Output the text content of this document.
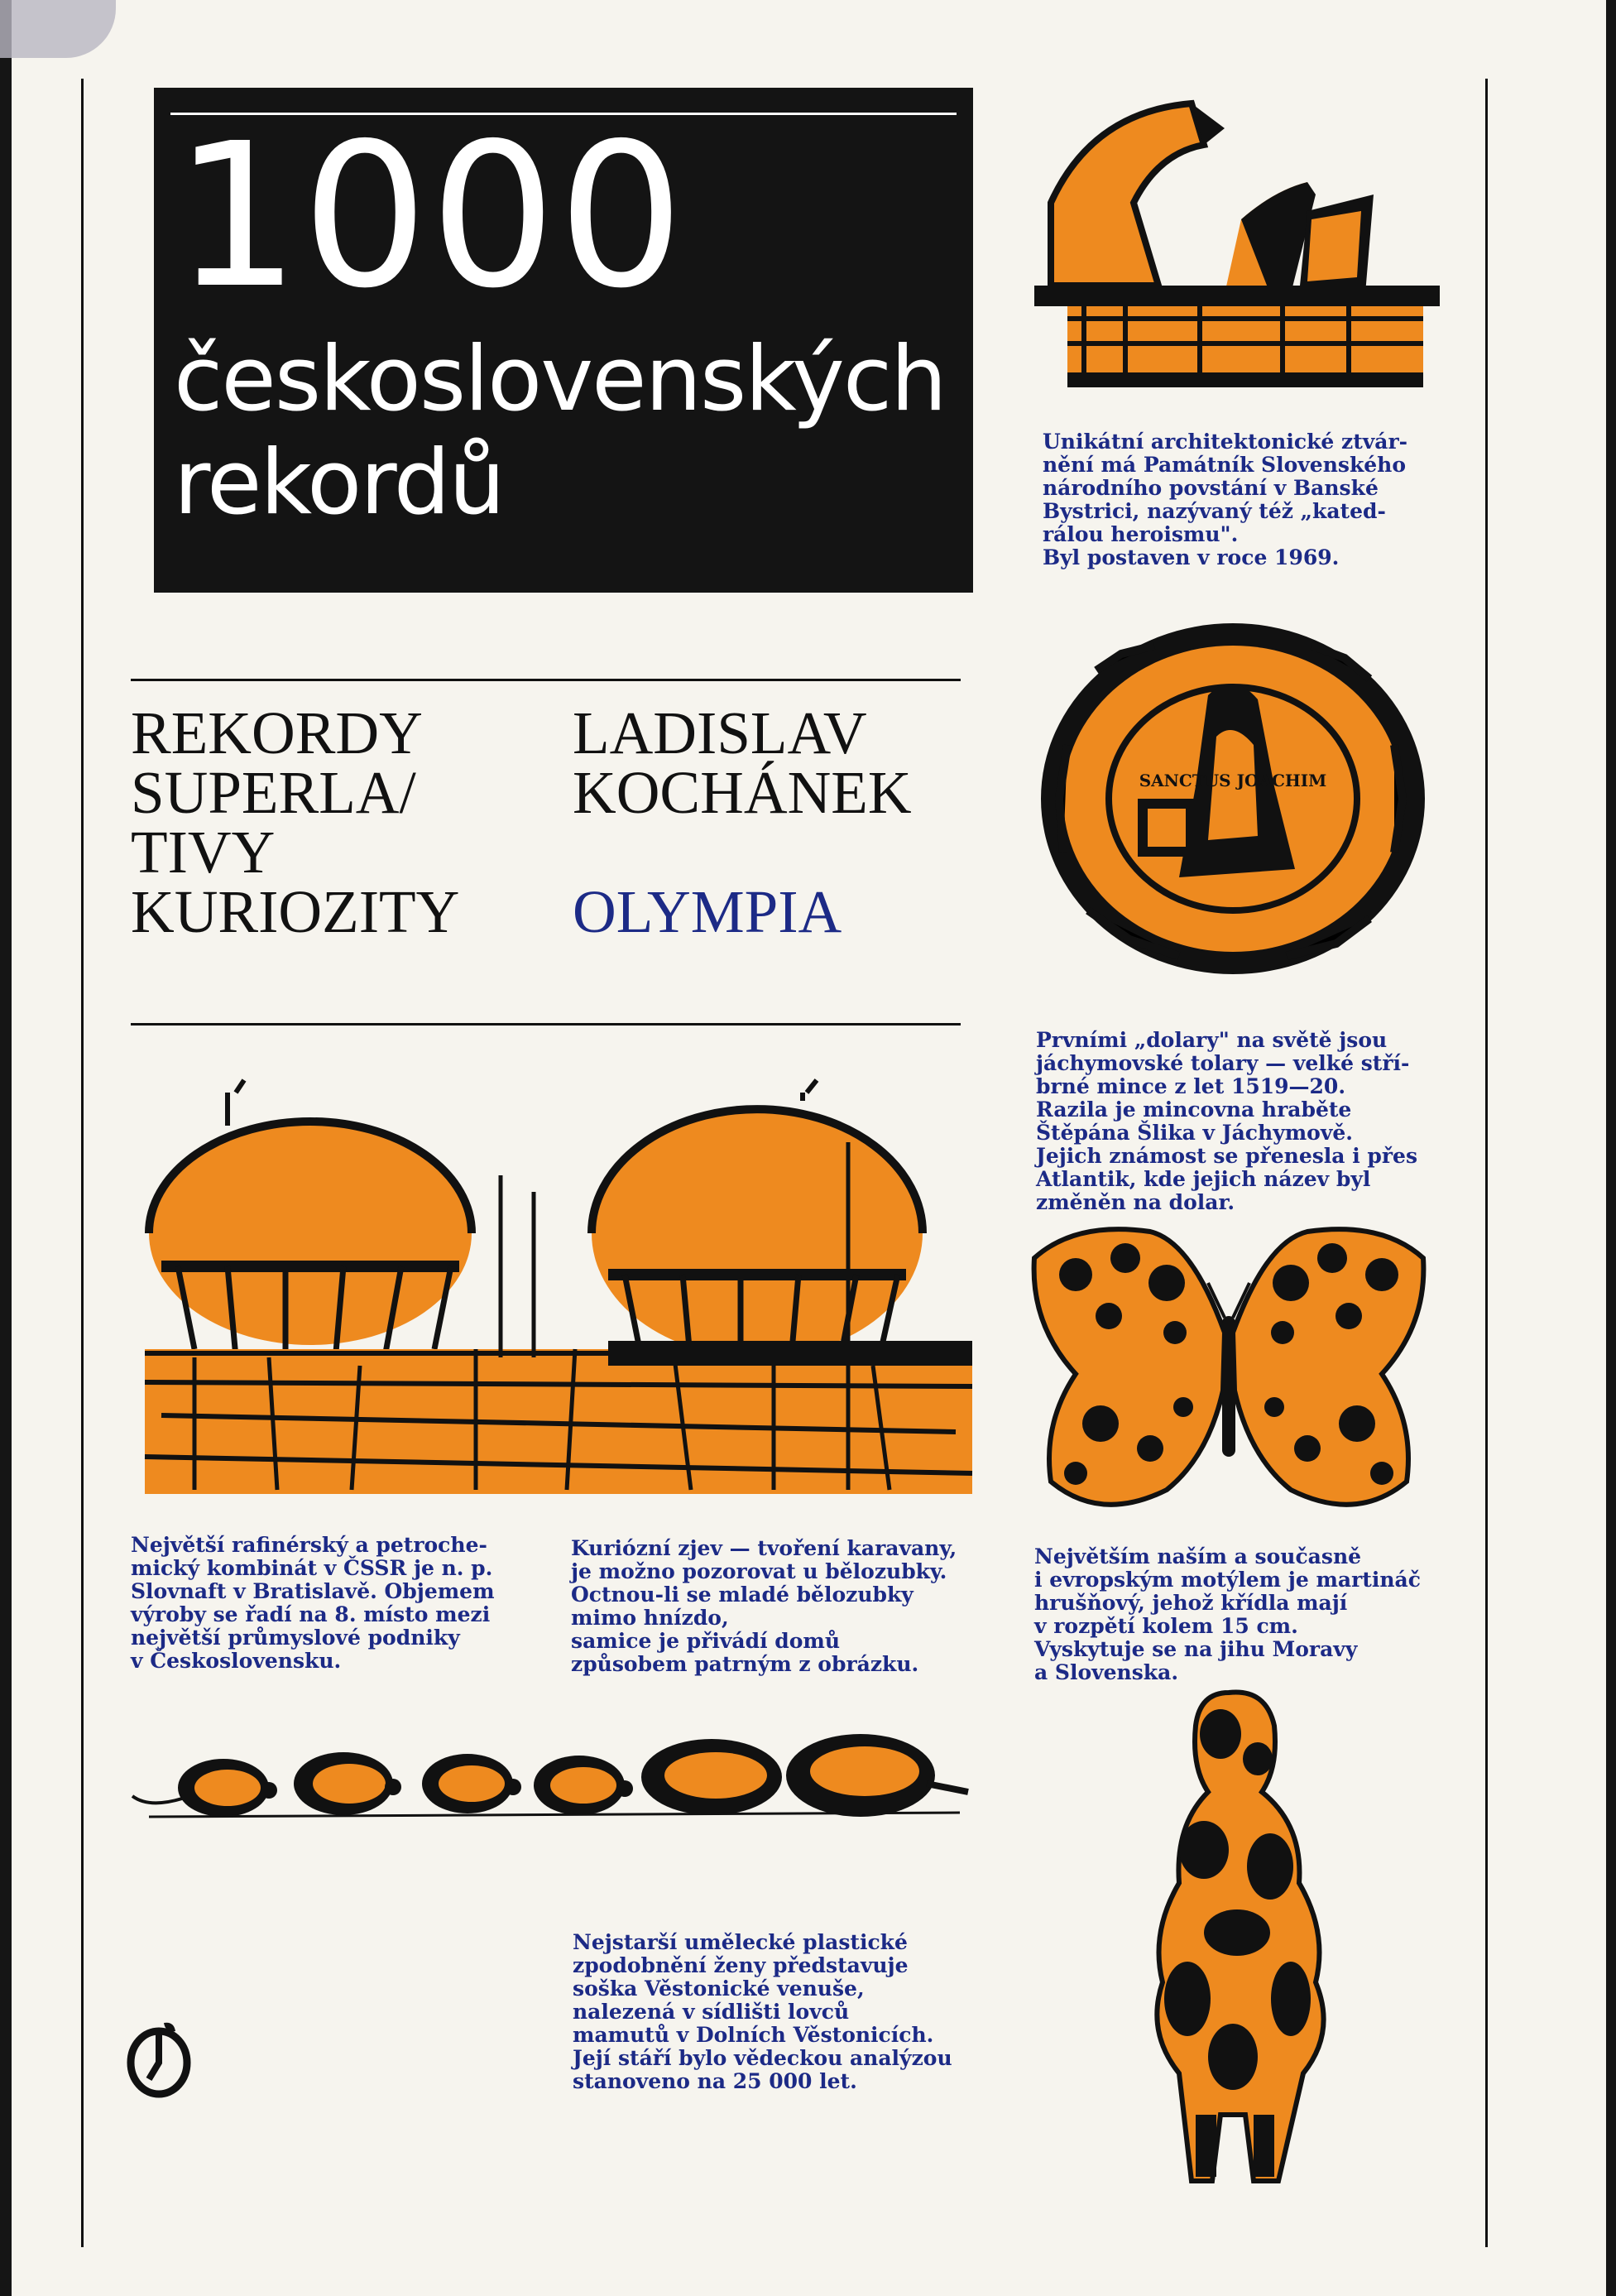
1000
československých
rekordů
REKORDY
SUPERLA/
TIVY
KURIOZITY
LADISLAV
KOCHÁNEK
OLYMPIA
Unikátní architektonické ztvár-
nění má Památník Slovenského
národního povstání v Banské
Bystrici, nazývaný též „kated-
rálou heroismu".
Byl postaven v roce 1969.
SANCTUS JOACHIM
Prvními „dolary" na světě jsou
jáchymovské tolary — velké stří-
brné mince z let 1519—20.
Razila je mincovna hraběte
Štěpána Šlika v Jáchymově.
Jejich známost se přenesla i přes
Atlantik, kde jejich název byl
změněn na dolar.
Největší rafinérský a petroche-
mický kombinát v ČSSR je n. p.
Slovnaft v Bratislavě. Objemem
výroby se řadí na 8. místo mezi
největší průmyslové podniky
v Československu.
Kuriózní zjev — tvoření karavany,
je možno pozorovat u bělozubky.
Octnou-li se mladé bělozubky
mimo hnízdo,
samice je přivádí domů
způsobem patrným z obrázku.
Největším naším a současně
i evropským motýlem je martináč
hrušňový, jehož křídla mají
v rozpětí kolem 15 cm.
Vyskytuje se na jihu Moravy
a Slovenska.
Nejstarší umělecké plastické
zpodobnění ženy představuje
soška Věstonické venuše,
nalezená v sídlišti lovců
mamutů v Dolních Věstonicích.
Její stáří bylo vědeckou analýzou
stanoveno na 25 000 let.
